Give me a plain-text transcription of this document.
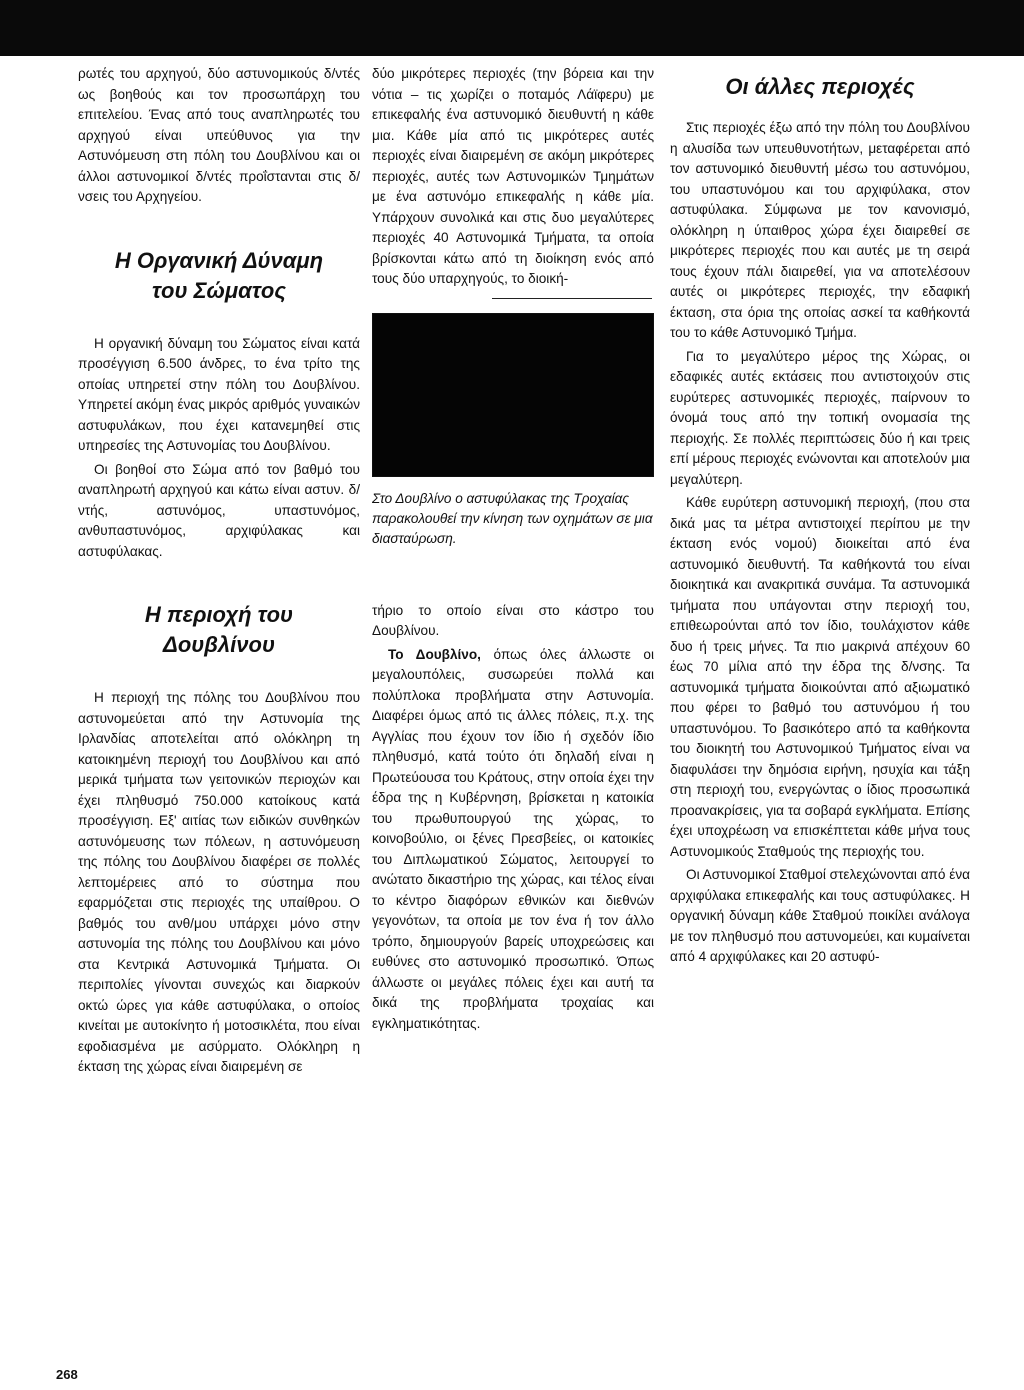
ρωτές του αρχηγού, δύο αστυνομικούς δ/ντές ως βοηθούς και τον προσωπάρχη του επιτελείου. Ένας από τους αναπληρωτές του αρχηγού είναι υπεύθυνος για την Αστυνόμευση στη πόλη του Δουβλίνου και οι άλλοι αστυνομικοί δ/ντές προΐστανται στις δ/νσεις του Αρχηγείου.

Η Οργανική Δύναμη
του Σώματος

Η οργανική δύναμη του Σώματος είναι κατά προσέγγιση 6.500 άνδρες, το ένα τρίτο της οποίας υπηρετεί στην πόλη του Δουβλίνου. Υπηρετεί ακόμη ένας μικρός αριθμός γυναικών αστυφυλάκων, που έχει κατανεμηθεί στις υπηρεσίες της Αστυνομίας του Δουβλίνου.

Οι βοηθοί στο Σώμα από τον βαθμό του αναπληρωτή αρχηγού και κάτω είναι αστυν. δ/ντής, αστυνόμος, υπαστυνόμος, ανθυπαστυνόμος, αρχιφύλακας και αστυφύλακας.

Η περιοχή του
Δουβλίνου

Η περιοχή της πόλης του Δουβλίνου που αστυνομεύεται από την Αστυνομία της Ιρλανδίας αποτελείται από ολόκληρη τη κατοικημένη περιοχή του Δουβλίνου και από μερικά τμήματα των γειτονικών περιοχών και έχει πληθυσμό 750.000 κατοίκους κατά προσέγγιση. Εξ' αιτίας των ειδικών συνθηκών αστυνόμευσης των πόλεων, η αστυνόμευση της πόλης του Δουβλίνου διαφέρει σε πολλές λεπτομέρειες από το σύστημα που εφαρμόζεται στις περιοχές της υπαίθρου. Ο βαθμός του ανθ/μου υπάρχει μόνο στην αστυνομία της πόλης του Δουβλίνου και μόνο στα Κεντρικά Αστυνομικά Τμήματα. Οι περιπολίες γίνονται συνεχώς και διαρκούν οκτώ ώρες για κάθε αστυφύλακα, ο οποίος κινείται με αυτοκίνητο ή μοτοσικλέτα, που είναι εφοδιασμένα με ασύρματο. Ολόκληρη η έκταση της χώρας είναι διαιρεμένη σε

δύο μικρότερες περιοχές (την βόρεια και την νότια – τις χωρίζει ο ποταμός Λάϊφερυ) με επικεφαλής ένα αστυνομικό διευθυντή η κάθε μια. Κάθε μία από τις μικρότερες αυτές περιοχές είναι διαιρεμένη σε ακόμη μικρότερες περιοχές, αυτές των Αστυνομικών Τμημάτων με ένα αστυνόμο επικεφαλής η κάθε μία. Υπάρχουν συνολικά και στις δυο μεγαλύτερες περιοχές 40 Αστυνομικά Τμήματα, τα οποία βρίσκονται κάτω από τη διοίκηση ενός από τους δύο υπαρχηγούς, το διοική-

Στο Δουβλίνο ο αστυφύλακας της Τροχαίας παρακολουθεί την κίνηση των οχημάτων σε μια διασταύρωση.

τήριο το οποίο είναι στο κάστρο του Δουβλίνου.

Το Δουβλίνο, όπως όλες άλλωστε οι μεγαλουπόλεις, συσωρεύει πολλά και πολύπλοκα προβλήματα στην Αστυνομία. Διαφέρει όμως από τις άλλες πόλεις, π.χ. της Αγγλίας που έχουν τον ίδιο ή σχεδόν ίδιο πληθυσμό, κατά τούτο ότι δηλαδή είναι η Πρωτεύουσα του Κράτους, στην οποία έχει την έδρα της η Κυβέρνηση, βρίσκεται η κατοικία του πρωθυπουργού της χώρας, το κοινοβούλιο, οι ξένες Πρεσβείες, οι κατοικίες του Διπλωματικού Σώματος, λειτουργεί το ανώτατο δικαστήριο της χώρας, και τέλος είναι το κέντρο διαφόρων εθνικών και διεθνών γεγονότων, τα οποία με τον ένα ή τον άλλο τρόπο, δημιουργούν βαρείς υποχρεώσεις και ευθύνες στο αστυνομικό προσωπικό. Όπως άλλωστε οι μεγάλες πόλεις έχει και αυτή τα δικά της προβλήματα τροχαίας και εγκληματικότητας.

Οι άλλες περιοχές

Στις περιοχές έξω από την πόλη του Δουβλίνου η αλυσίδα των υπευθυνοτήτων, μεταφέρεται από τον αστυνομικό διευθυντή μέσω του αστυνόμου, του υπαστυνόμου και του αρχιφύλακα, στον αστυφύλακα. Σύμφωνα με τον κανονισμό, ολόκληρη η ύπαιθρος χώρα έχει διαιρεθεί σε μικρότερες περιοχές που και αυτές με τη σειρά τους έχουν πάλι διαιρεθεί, για να αποτελέσουν αυτές οι μικρότερες περιοχές, την εδαφική έκταση, στα όρια της οποίας ασκεί τα καθήκοντά του το κάθε Αστυνομικό Τμήμα.

Για το μεγαλύτερο μέρος της Χώρας, οι εδαφικές αυτές εκτάσεις που αντιστοιχούν στις ευρύτερες αστυνομικές περιοχές, παίρνουν το όνομά τους από την τοπική ονομασία της περιοχής. Σε πολλές περιπτώσεις δύο ή και τρεις επί μέρους περιοχές ενώνονται και αποτελούν μια μεγαλύτερη.

Κάθε ευρύτερη αστυνομική περιοχή, (που στα δικά μας τα μέτρα αντιστοιχεί περίπου με την έκταση ενός νομού) διοικείται από ένα αστυνομικό διευθυντή. Τα καθήκοντά του είναι διοικητικά και ανακριτικά συνάμα. Τα αστυνομικά τμήματα που υπάγονται στην περιοχή του, επιθεωρούνται από τον ίδιο, τουλάχιστον κάθε δυο ή τρεις μήνες. Τα πιο μακρινά απέχουν 60 έως 70 μίλια από την έδρα της δ/νσης. Τα αστυνομικά τμήματα διοικούνται από αξιωματικό που φέρει το βαθμό του αστυνόμου ή του υπαστυνόμου. Το βασικότερο από τα καθήκοντα του διοικητή του Αστυνομικού Τμήματος είναι να διαφυλάσει την δημόσια ειρήνη, ησυχία και τάξη στη περιοχή του, ενεργώντας ο ίδιος προσωπικά προανακρίσεις, για τα σοβαρά εγκλήματα. Επίσης έχει υποχρέωση να επισκέπτεται κάθε μήνα τους Αστυνομικούς Σταθμούς της περιοχής του.

Οι Αστυνομικοί Σταθμοί στελεχώνονται από ένα αρχιφύλακα επικεφαλής και τους αστυφύλακες. Η οργανική δύναμη κάθε Σταθμού ποικίλει ανάλογα με τον πληθυσμό που αστυνομεύει, και κυμαίνεται από 4 αρχιφύλακες και 20 αστυφύ-

268
